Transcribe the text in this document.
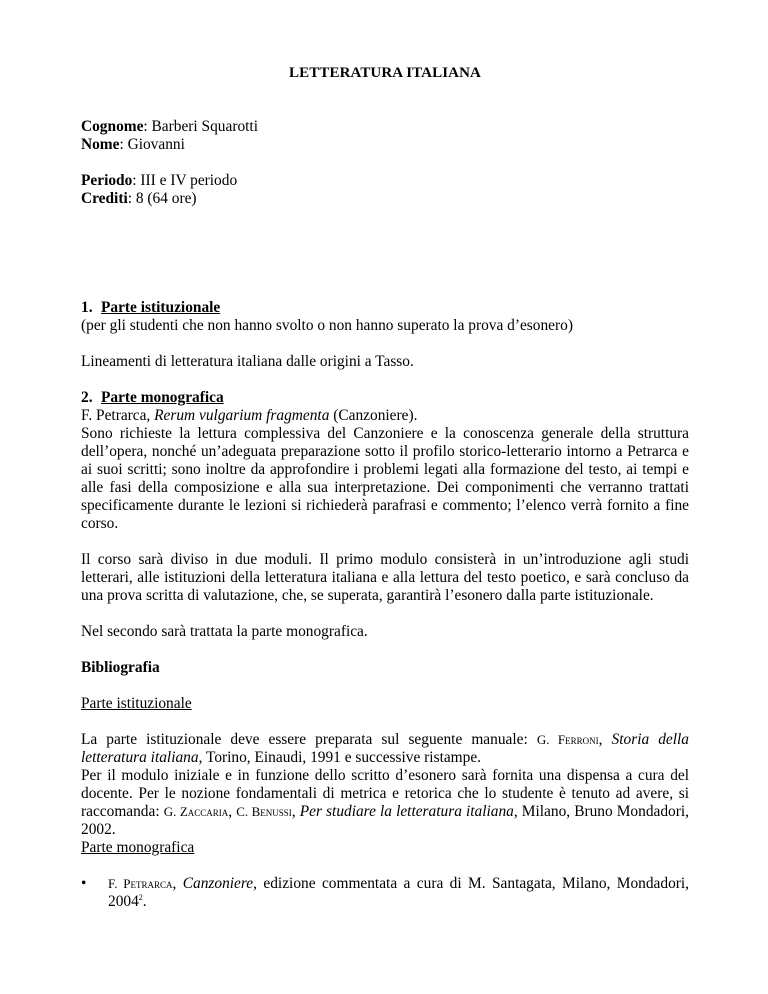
LETTERATURA ITALIANA
Cognome: Barberi Squarotti
Nome: Giovanni
Periodo: III e IV periodo
Crediti: 8 (64 ore)
1. Parte istituzionale
(per gli studenti che non hanno svolto o non hanno superato la prova d’esonero)
Lineamenti di letteratura italiana dalle origini a Tasso.
2. Parte monografica
F. Petrarca, Rerum vulgarium fragmenta (Canzoniere).
Sono richieste la lettura complessiva del Canzoniere e la conoscenza generale della struttura dell’opera, nonché un’adeguata preparazione sotto il profilo storico-letterario intorno a Petrarca e ai suoi scritti; sono inoltre da approfondire i problemi legati alla formazione del testo, ai tempi e alle fasi della composizione e alla sua interpretazione. Dei componimenti che verranno trattati specificamente durante le lezioni si richiederà parafrasi e commento; l’elenco verrà fornito a fine corso.
Il corso sarà diviso in due moduli. Il primo modulo consisterà in un’introduzione agli studi letterari, alle istituzioni della letteratura italiana e alla lettura del testo poetico, e sarà concluso da una prova scritta di valutazione, che, se superata, garantirà l’esonero dalla parte istituzionale.
Nel secondo sarà trattata la parte monografica.
Bibliografia
Parte istituzionale
La parte istituzionale deve essere preparata sul seguente manuale: G. Ferroni, Storia della letteratura italiana, Torino, Einaudi, 1991 e successive ristampe.
Per il modulo iniziale e in funzione dello scritto d’esonero sarà fornita una dispensa a cura del docente. Per le nozione fondamentali di metrica e retorica che lo studente è tenuto ad avere, si raccomanda: G. Zaccaria, C. Benussi, Per studiare la letteratura italiana, Milano, Bruno Mondadori, 2002.
Parte monografica
• F. Petrarca, Canzoniere, edizione commentata a cura di M. Santagata, Milano, Mondadori, 2004$^2$.
